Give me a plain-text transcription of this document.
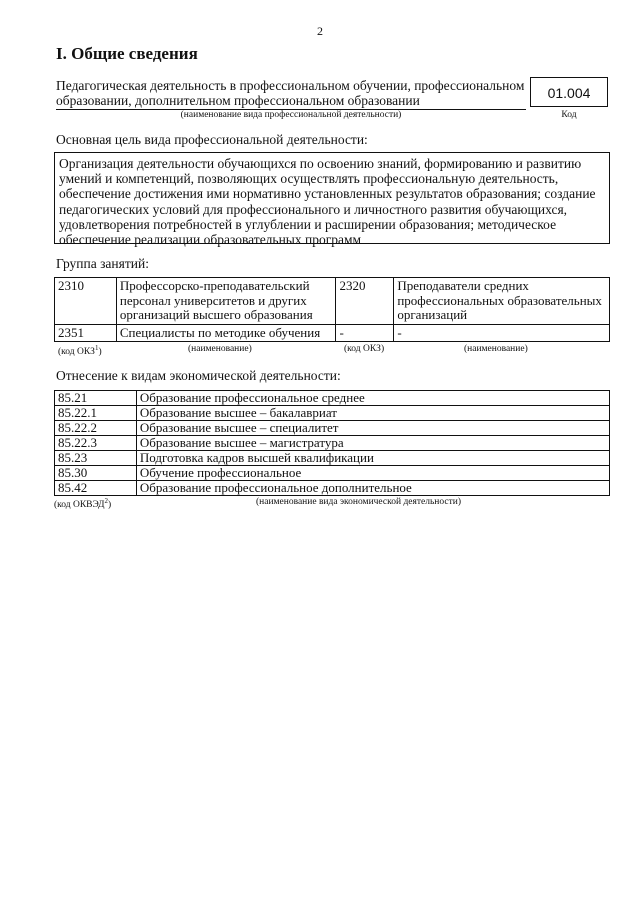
2
I. Общие сведения
Педагогическая деятельность в профессиональном обучении, профессиональном образовании, дополнительном профессиональном образовании	01.004
(наименование вида профессиональной деятельности)	Код
Основная цель вида профессиональной деятельности:
Организация деятельности обучающихся по освоению знаний, формированию и развитию умений и компетенций, позволяющих осуществлять профессиональную деятельность, обеспечение достижения ими нормативно установленных результатов образования; создание педагогических условий для профессионального и личностного развития обучающихся, удовлетворения потребностей в углублении и расширении образования; методическое обеспечение реализации образовательных программ
Группа занятий:
2310	Профессорско-преподавательский персонал университетов и других организаций высшего образования	2320	Преподаватели средних профессиональных образовательных организаций
2351	Специалисты по методике обучения	-	-
(код ОКЗ$^1$)	(наименование)	(код ОКЗ)	(наименование)
Отнесение к видам экономической деятельности:
85.21	Образование профессиональное среднее
85.22.1	Образование высшее – бакалавриат
85.22.2	Образование высшее – специалитет
85.22.3	Образование высшее – магистратура
85.23	Подготовка кадров высшей квалификации
85.30	Обучение профессиональное
85.42	Образование профессиональное дополнительное
(код ОКВЭД$^2$)	(наименование вида экономической деятельности)
